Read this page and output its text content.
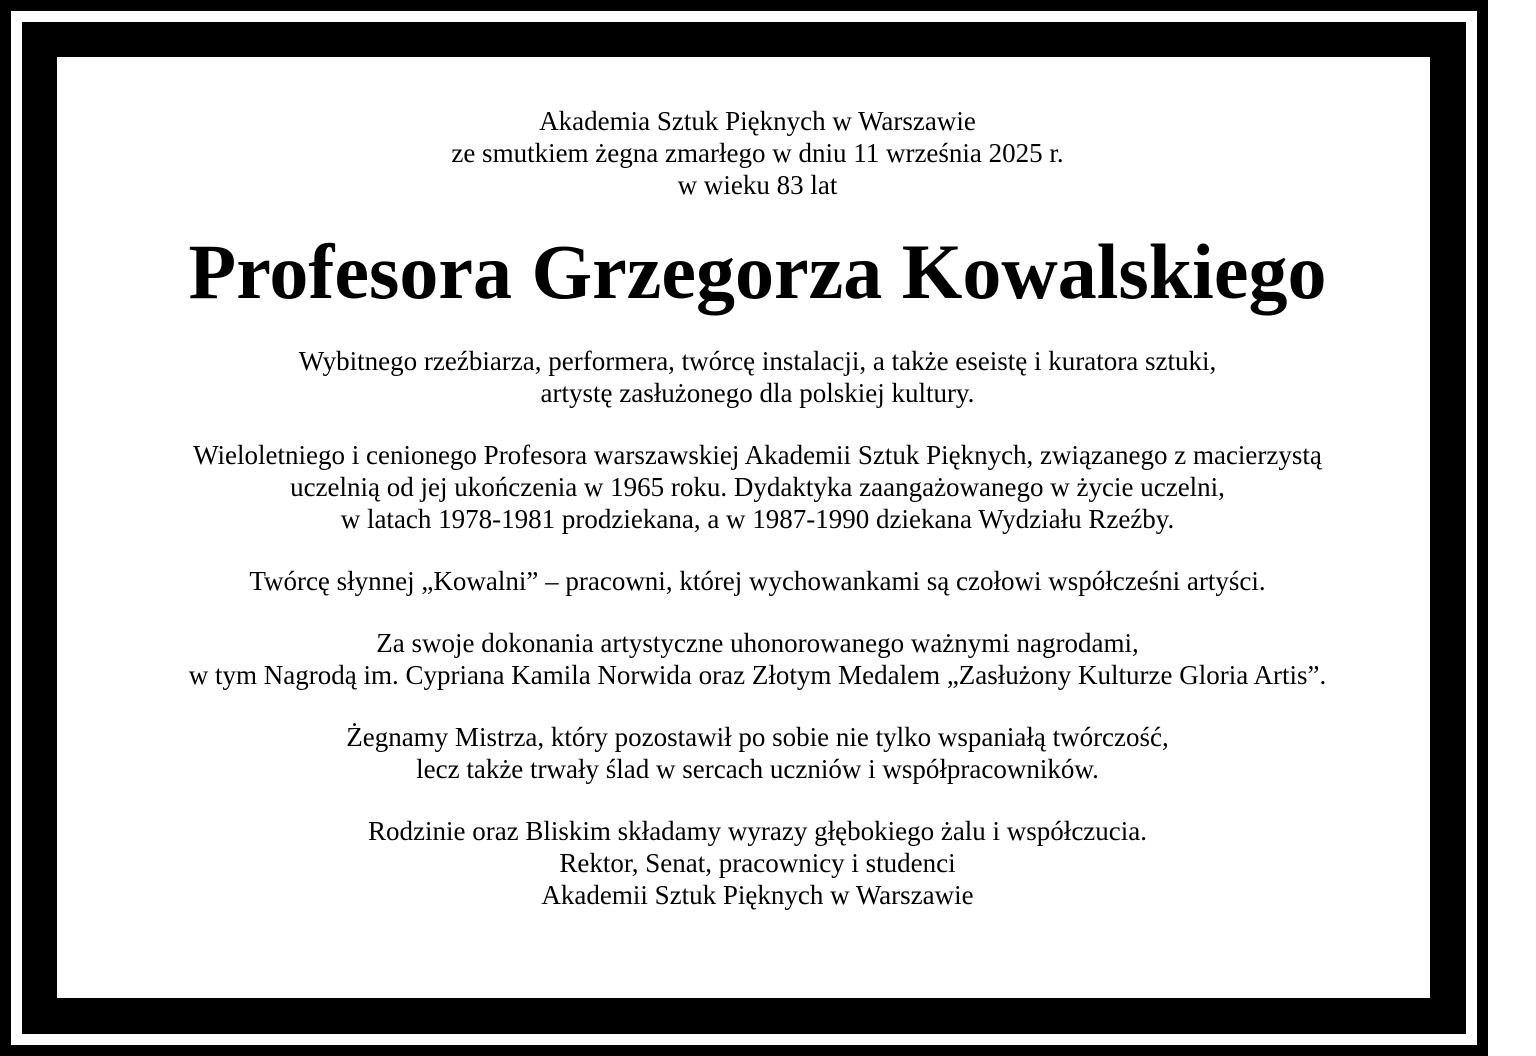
Akademia Sztuk Pięknych w Warszawie

ze smutkiem żegna zmarłego w dniu 11 września 2025 r.

w wieku 83 lat

Profesora Grzegorza Kowalskiego

Wybitnego rzeźbiarza, performera, twórcę instalacji, a także eseistę i kuratora sztuki,

artystę zasłużonego dla polskiej kultury.

Wieloletniego i cenionego Profesora warszawskiej Akademii Sztuk Pięknych, związanego z macierzystą

uczelnią od jej ukończenia w 1965 roku. Dydaktyka zaangażowanego w życie uczelni,

w latach 1978-1981 prodziekana, a w 1987-1990 dziekana Wydziału Rzeźby.

Twórcę słynnej „Kowalni” – pracowni, której wychowankami są czołowi współcześni artyści.

Za swoje dokonania artystyczne uhonorowanego ważnymi nagrodami,

w tym Nagrodą im. Cypriana Kamila Norwida oraz Złotym Medalem „Zasłużony Kulturze Gloria Artis”.

Żegnamy Mistrza, który pozostawił po sobie nie tylko wspaniałą twórczość,

lecz także trwały ślad w sercach uczniów i współpracowników.

Rodzinie oraz Bliskim składamy wyrazy głębokiego żalu i współczucia.

Rektor, Senat, pracownicy i studenci

Akademii Sztuk Pięknych w Warszawie
